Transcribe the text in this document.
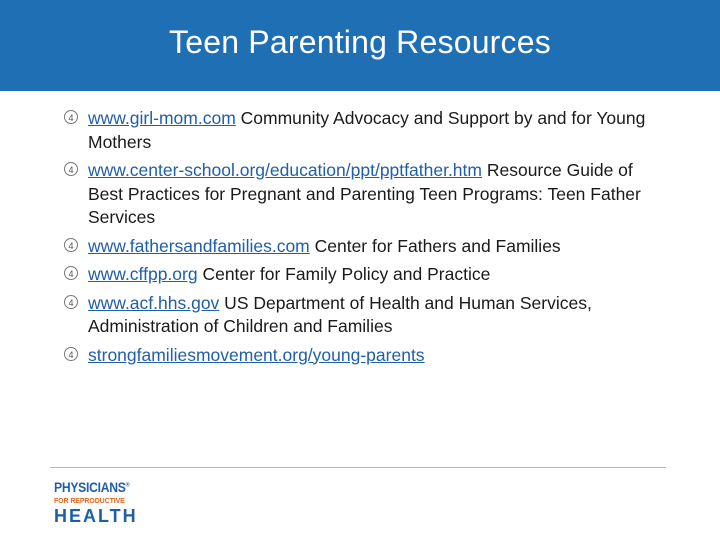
Teen Parenting Resources
4 www.girl-mom.com Community Advocacy and Support by and for Young Mothers
4 www.center-school.org/education/ppt/pptfather.htm Resource Guide of Best Practices for Pregnant and Parenting Teen Programs: Teen Father Services
4 www.fathersandfamilies.com Center for Fathers and Families
4 www.cffpp.org Center for Family Policy and Practice
4 www.acf.hhs.gov US Department of Health and Human Services, Administration of Children and Families
4 strongfamiliesmovement.org/young-parents
PHYSICIANS®
FOR REPRODUCTIVE
HEALTH
